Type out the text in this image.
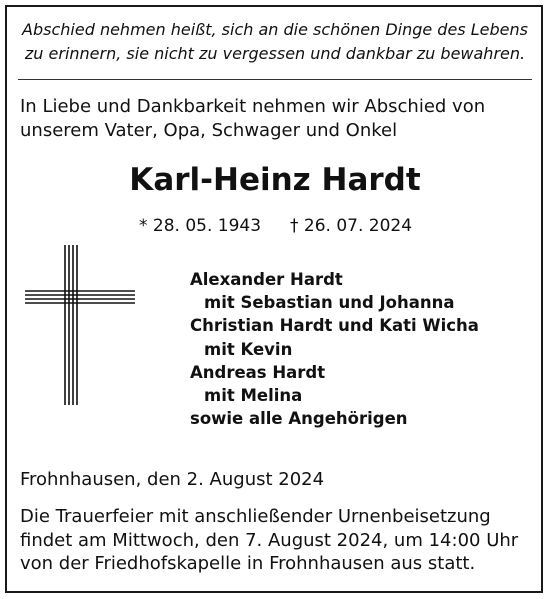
Abschied nehmen heißt, sich an die schönen Dinge des Lebens
zu erinnern, sie nicht zu vergessen und dankbar zu bewahren.
In Liebe und Dankbarkeit nehmen wir Abschied von
unserem Vater, Opa, Schwager und Onkel
Karl-Heinz Hardt
* 28. 05. 1943 † 26. 07. 2024
Alexander Hardt
mit Sebastian und Johanna
Christian Hardt und Kati Wicha
mit Kevin
Andreas Hardt
mit Melina
sowie alle Angehörigen
Frohnhausen, den 2. August 2024
Die Trauerfeier mit anschließender Urnenbeisetzung
findet am Mittwoch, den 7. August 2024, um 14:00 Uhr
von der Friedhofskapelle in Frohnhausen aus statt.
